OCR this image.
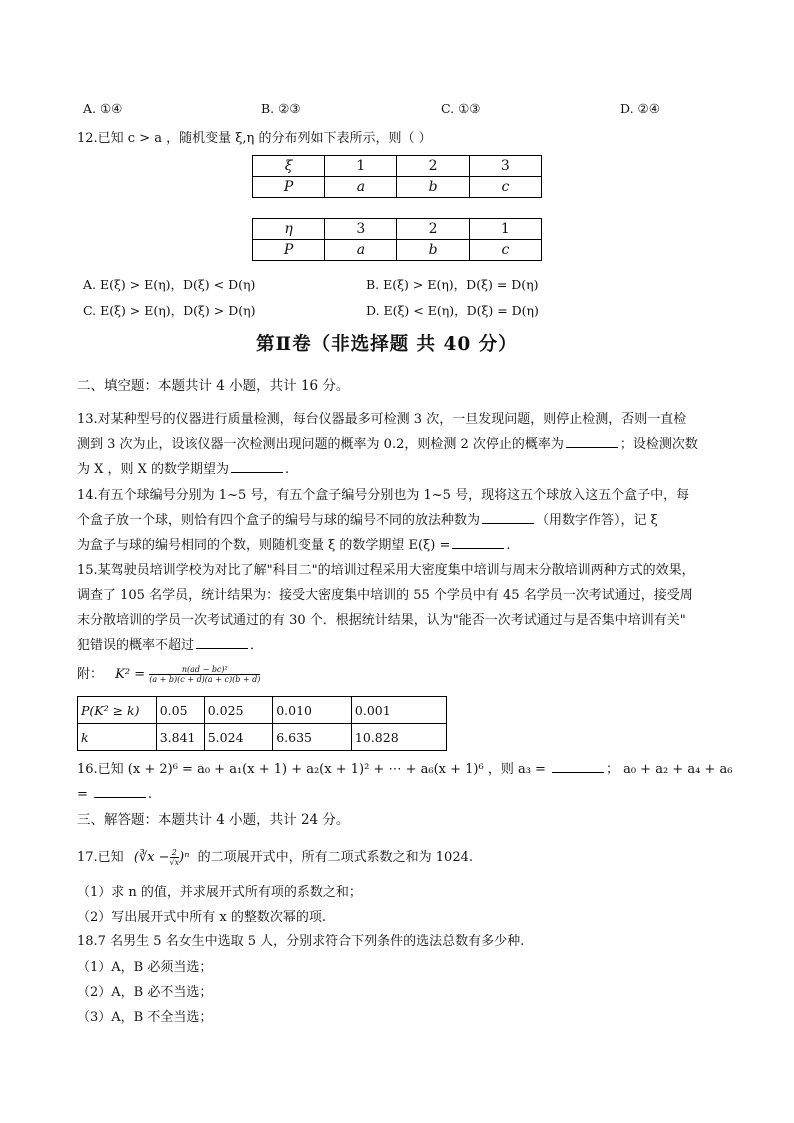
A. ①④	B. ②③	C. ①③	D. ②④
12.已知 c > a ，随机变量 ξ,η 的分布列如下表所示，则（ ）
ξ	1	2	3
P	a	b	c
η	3	2	1
P	a	b	c
A. E(ξ) > E(η)，D(ξ) < D(η)	B. E(ξ) > E(η)，D(ξ) = D(η)
C. E(ξ) > E(η)，D(ξ) > D(η)	D. E(ξ) < E(η)，D(ξ) = D(η)
第Ⅱ卷（非选择题 共 40 分）
二、填空题：本题共计 4 小题，共计 16 分。
13.对某种型号的仪器进行质量检测，每台仪器最多可检测 3 次，一旦发现问题，则停止检测，否则一直检
测到 3 次为止，设该仪器一次检测出现问题的概率为 0.2，则检测 2 次停止的概率为	；设检测次数
为 X ，则 X 的数学期望为	.
14.有五个球编号分别为 1~5 号，有五个盒子编号分别也为 1~5 号，现将这五个球放入这五个盒子中，每
个盒子放一个球，则恰有四个盒子的编号与球的编号不同的放法种数为	（用数字作答），记 ξ
为盒子与球的编号相同的个数，则随机变量 ξ 的数学期望 E(ξ) =	.
15.某驾驶员培训学校为对比了解"科目二"的培训过程采用大密度集中培训与周末分散培训两种方式的效果，
调查了 105 名学员，统计结果为：接受大密度集中培训的 55 个学员中有 45 名学员一次考试通过，接受周
末分散培训的学员一次考试通过的有 30 个．根据统计结果，认为"能否一次考试通过与是否集中培训有关"
犯错误的概率不超过	．
附： $K^2 = \frac{\text{n(ad − bc)²}}{(a + b)(c + d)(a + c)(b + d)}$
P(K² ≥ k)	0.05	0.025	0.010	0.001
k	3.841	5.024	6.635	10.828
16.已知 (x + 2)⁶ = a₀ + a₁(x + 1) + a₂(x + 1)² + ⋯ + a₆(x + 1)⁶ ，则 a₃ =	； a₀ + a₂ + a₄ + a₆
=	.
三、解答题：本题共计 4 小题，共计 24 分。
17.已知 (∛x − $\frac{2}{√x} )^n$ 的二项展开式中，所有二项式系数之和为 1024.
（1）求 n 的值，并求展开式所有项的系数之和；
（2）写出展开式中所有 x 的整数次幂的项.
18.7 名男生 5 名女生中选取 5 人，分别求符合下列条件的选法总数有多少种.
（1）A，B 必须当选；
（2）A，B 必不当选；
（3）A，B 不全当选；
